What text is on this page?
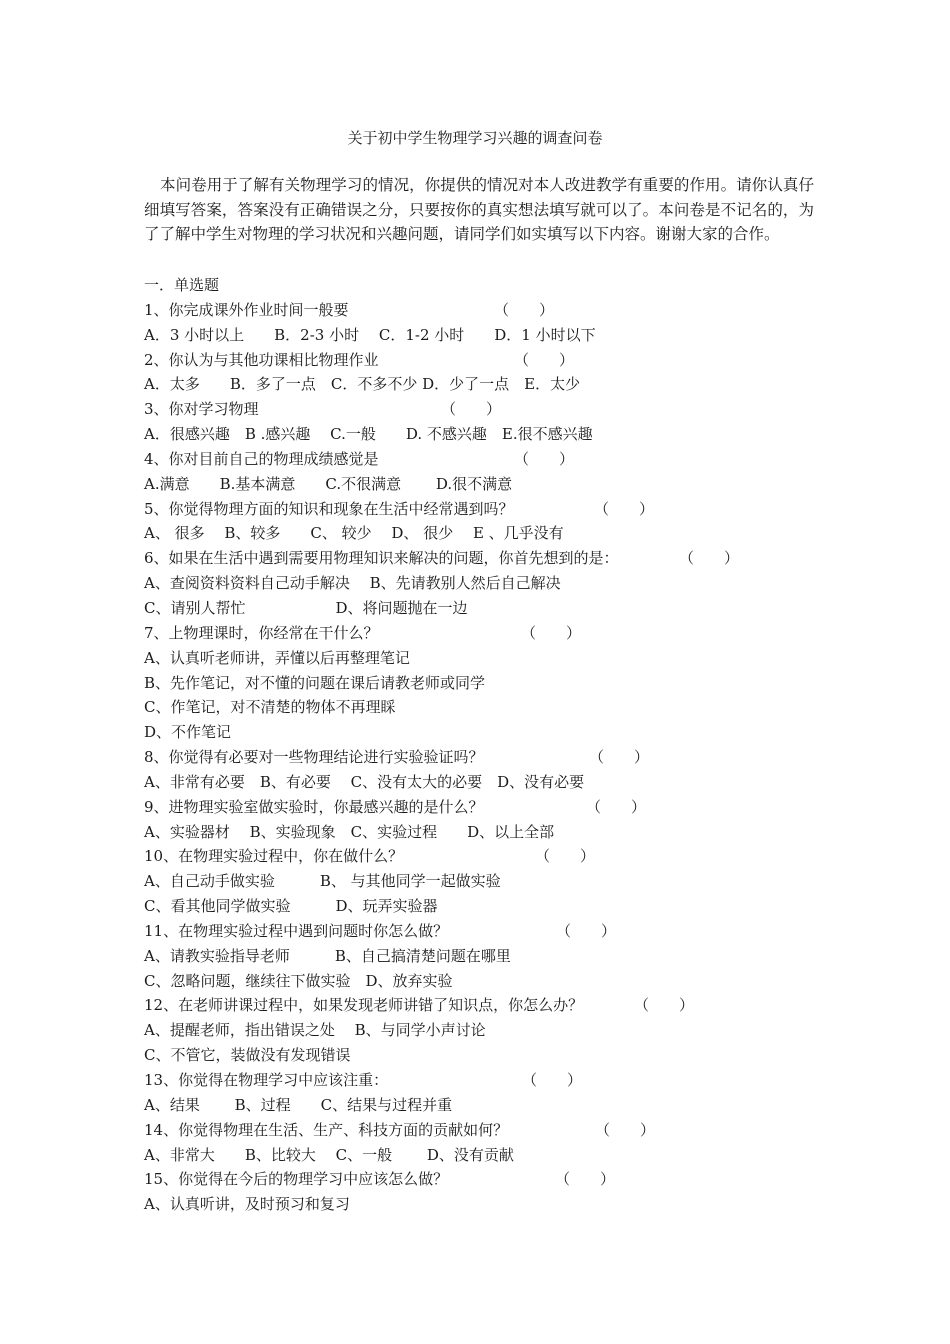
关于初中学生物理学习兴趣的调查问卷
本问卷用于了解有关物理学习的情况，你提供的情况对本人改进教学有重要的作用。请你认真仔细填写答案，答案没有正确错误之分，只要按你的真实想法填写就可以了。本问卷是不记名的，为了了解中学生对物理的学习状况和兴趣问题，请同学们如实填写以下内容。谢谢大家的合作。
一．单选题
1、你完成课外作业时间一般要	（　　）
A．3 小时以上　　B．2-3 小时　 C．1-2 小时　　D．1 小时以下
2、你认为与其他功课相比物理作业	（　　）
A．太多　　B．多了一点　C．不多不少 D．少了一点　E．太少
3、你对学习物理	（　　）
A．很感兴趣　B .感兴趣　 C.一般　　D. 不感兴趣　E.很不感兴趣
4、你对目前自己的物理成绩感觉是	（　　）
A.满意　　B.基本满意　　C.不很满意　　 D.很不满意
5、你觉得物理方面的知识和现象在生活中经常遇到吗？	（　　）
A、 很多　 B、较多　　C、 较少　 D、 很少　 E 、几乎没有
6、如果在生活中遇到需要用物理知识来解决的问题，你首先想到的是：	（　　）
A、查阅资料资料自己动手解决　 B、先请教别人然后自己解决
C、请别人帮忙　　　　　　D、将问题抛在一边
7、上物理课时，你经常在干什么？	（　　）
A、认真听老师讲，弄懂以后再整理笔记
B、先作笔记，对不懂的问题在课后请教老师或同学
C、作笔记，对不清楚的物体不再理睬
D、不作笔记
8、你觉得有必要对一些物理结论进行实验验证吗？	（　　）
A、非常有必要　B、有必要　 C、没有太大的必要　D、没有必要
9、进物理实验室做实验时，你最感兴趣的是什么？	（　　）
A、实验器材　 B、实验现象　C、实验过程　　D、以上全部
10、在物理实验过程中，你在做什么？	（　　）
A、自己动手做实验　　　B、 与其他同学一起做实验
C、看其他同学做实验　　　D、玩弄实验器
11、在物理实验过程中遇到问题时你怎么做？	（　　）
A、请教实验指导老师　　　B、自己搞清楚问题在哪里
C、忽略问题，继续往下做实验　D、放弃实验
12、在老师讲课过程中，如果发现老师讲错了知识点，你怎么办？	（　　）
A、提醒老师，指出错误之处　 B、与同学小声讨论
C、不管它，装做没有发现错误
13、你觉得在物理学习中应该注重：	（　　）
A、结果　　 B、过程　　C、结果与过程并重
14、你觉得物理在生活、生产、科技方面的贡献如何？	（　　）
A、非常大　　B、比较大　 C、一般　　 D、没有贡献
15、你觉得在今后的物理学习中应该怎么做？	（　　）
A、认真听讲，及时预习和复习
